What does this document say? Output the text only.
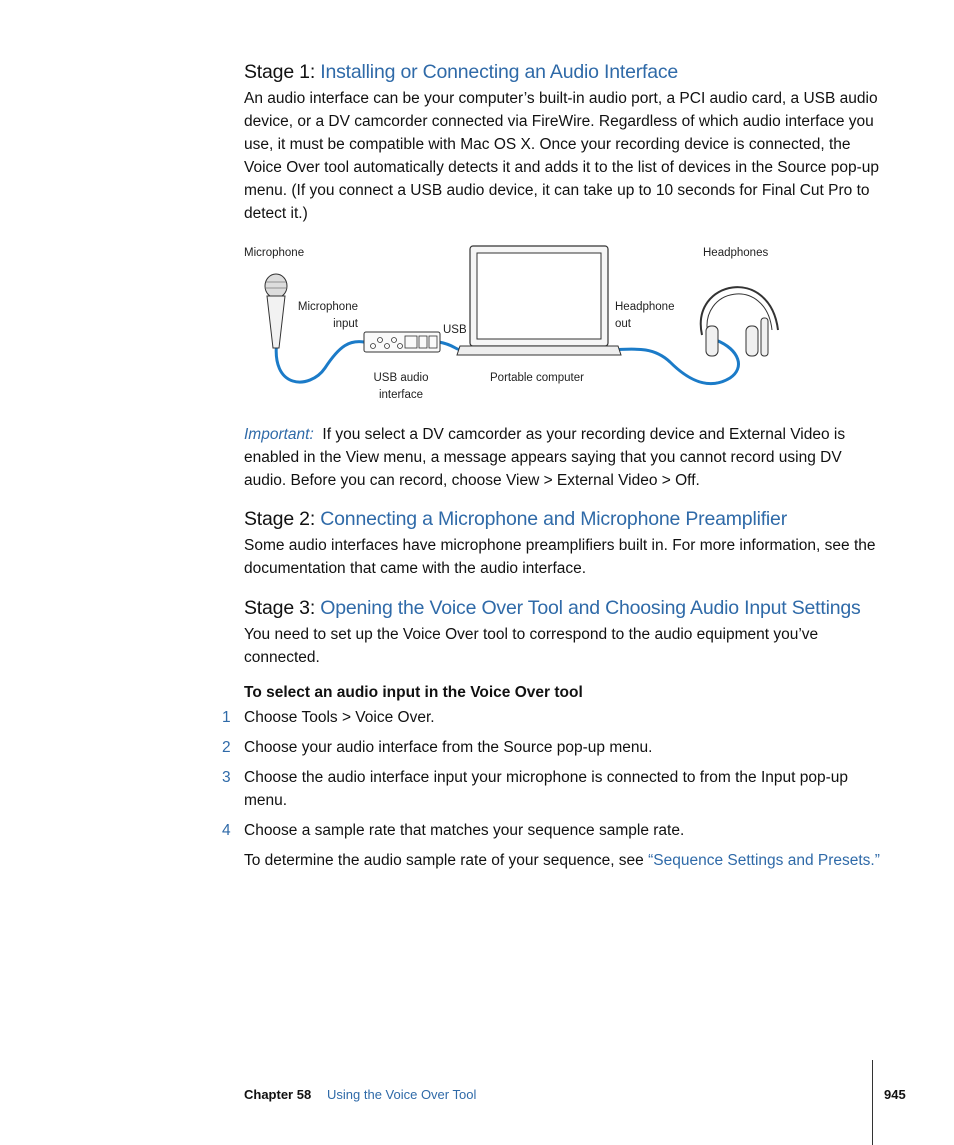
Stage 1: Installing or Connecting an Audio Interface

An audio interface can be your computer’s built-in audio port, a PCI audio card, a USB audio device, or a DV camcorder connected via FireWire. Regardless of which audio interface you use, it must be compatible with Mac OS X. Once your recording device is connected, the Voice Over tool automatically detects it and adds it to the list of devices in the Source pop-up menu. (If you connect a USB audio device, it can take up to 10 seconds for Final Cut Pro to detect it.)

Microphone
Microphone
input	USB
USB audio
interface
Portable computer
Headphone
out
Headphones

Important: If you select a DV camcorder as your recording device and External Video is enabled in the View menu, a message appears saying that you cannot record using DV audio. Before you can record, choose View > External Video > Off.

Stage 2: Connecting a Microphone and Microphone Preamplifier

Some audio interfaces have microphone preamplifiers built in. For more information, see the documentation that came with the audio interface.

Stage 3: Opening the Voice Over Tool and Choosing Audio Input Settings

You need to set up the Voice Over tool to correspond to the audio equipment you’ve connected.

To select an audio input in the Voice Over tool
1 Choose Tools > Voice Over.
2 Choose your audio interface from the Source pop-up menu.
3 Choose the audio interface input your microphone is connected to from the Input pop-up menu.
4 Choose a sample rate that matches your sequence sample rate.
To determine the audio sample rate of your sequence, see “Sequence Settings and Presets.”
Chapter 58 Using the Voice Over Tool	945
